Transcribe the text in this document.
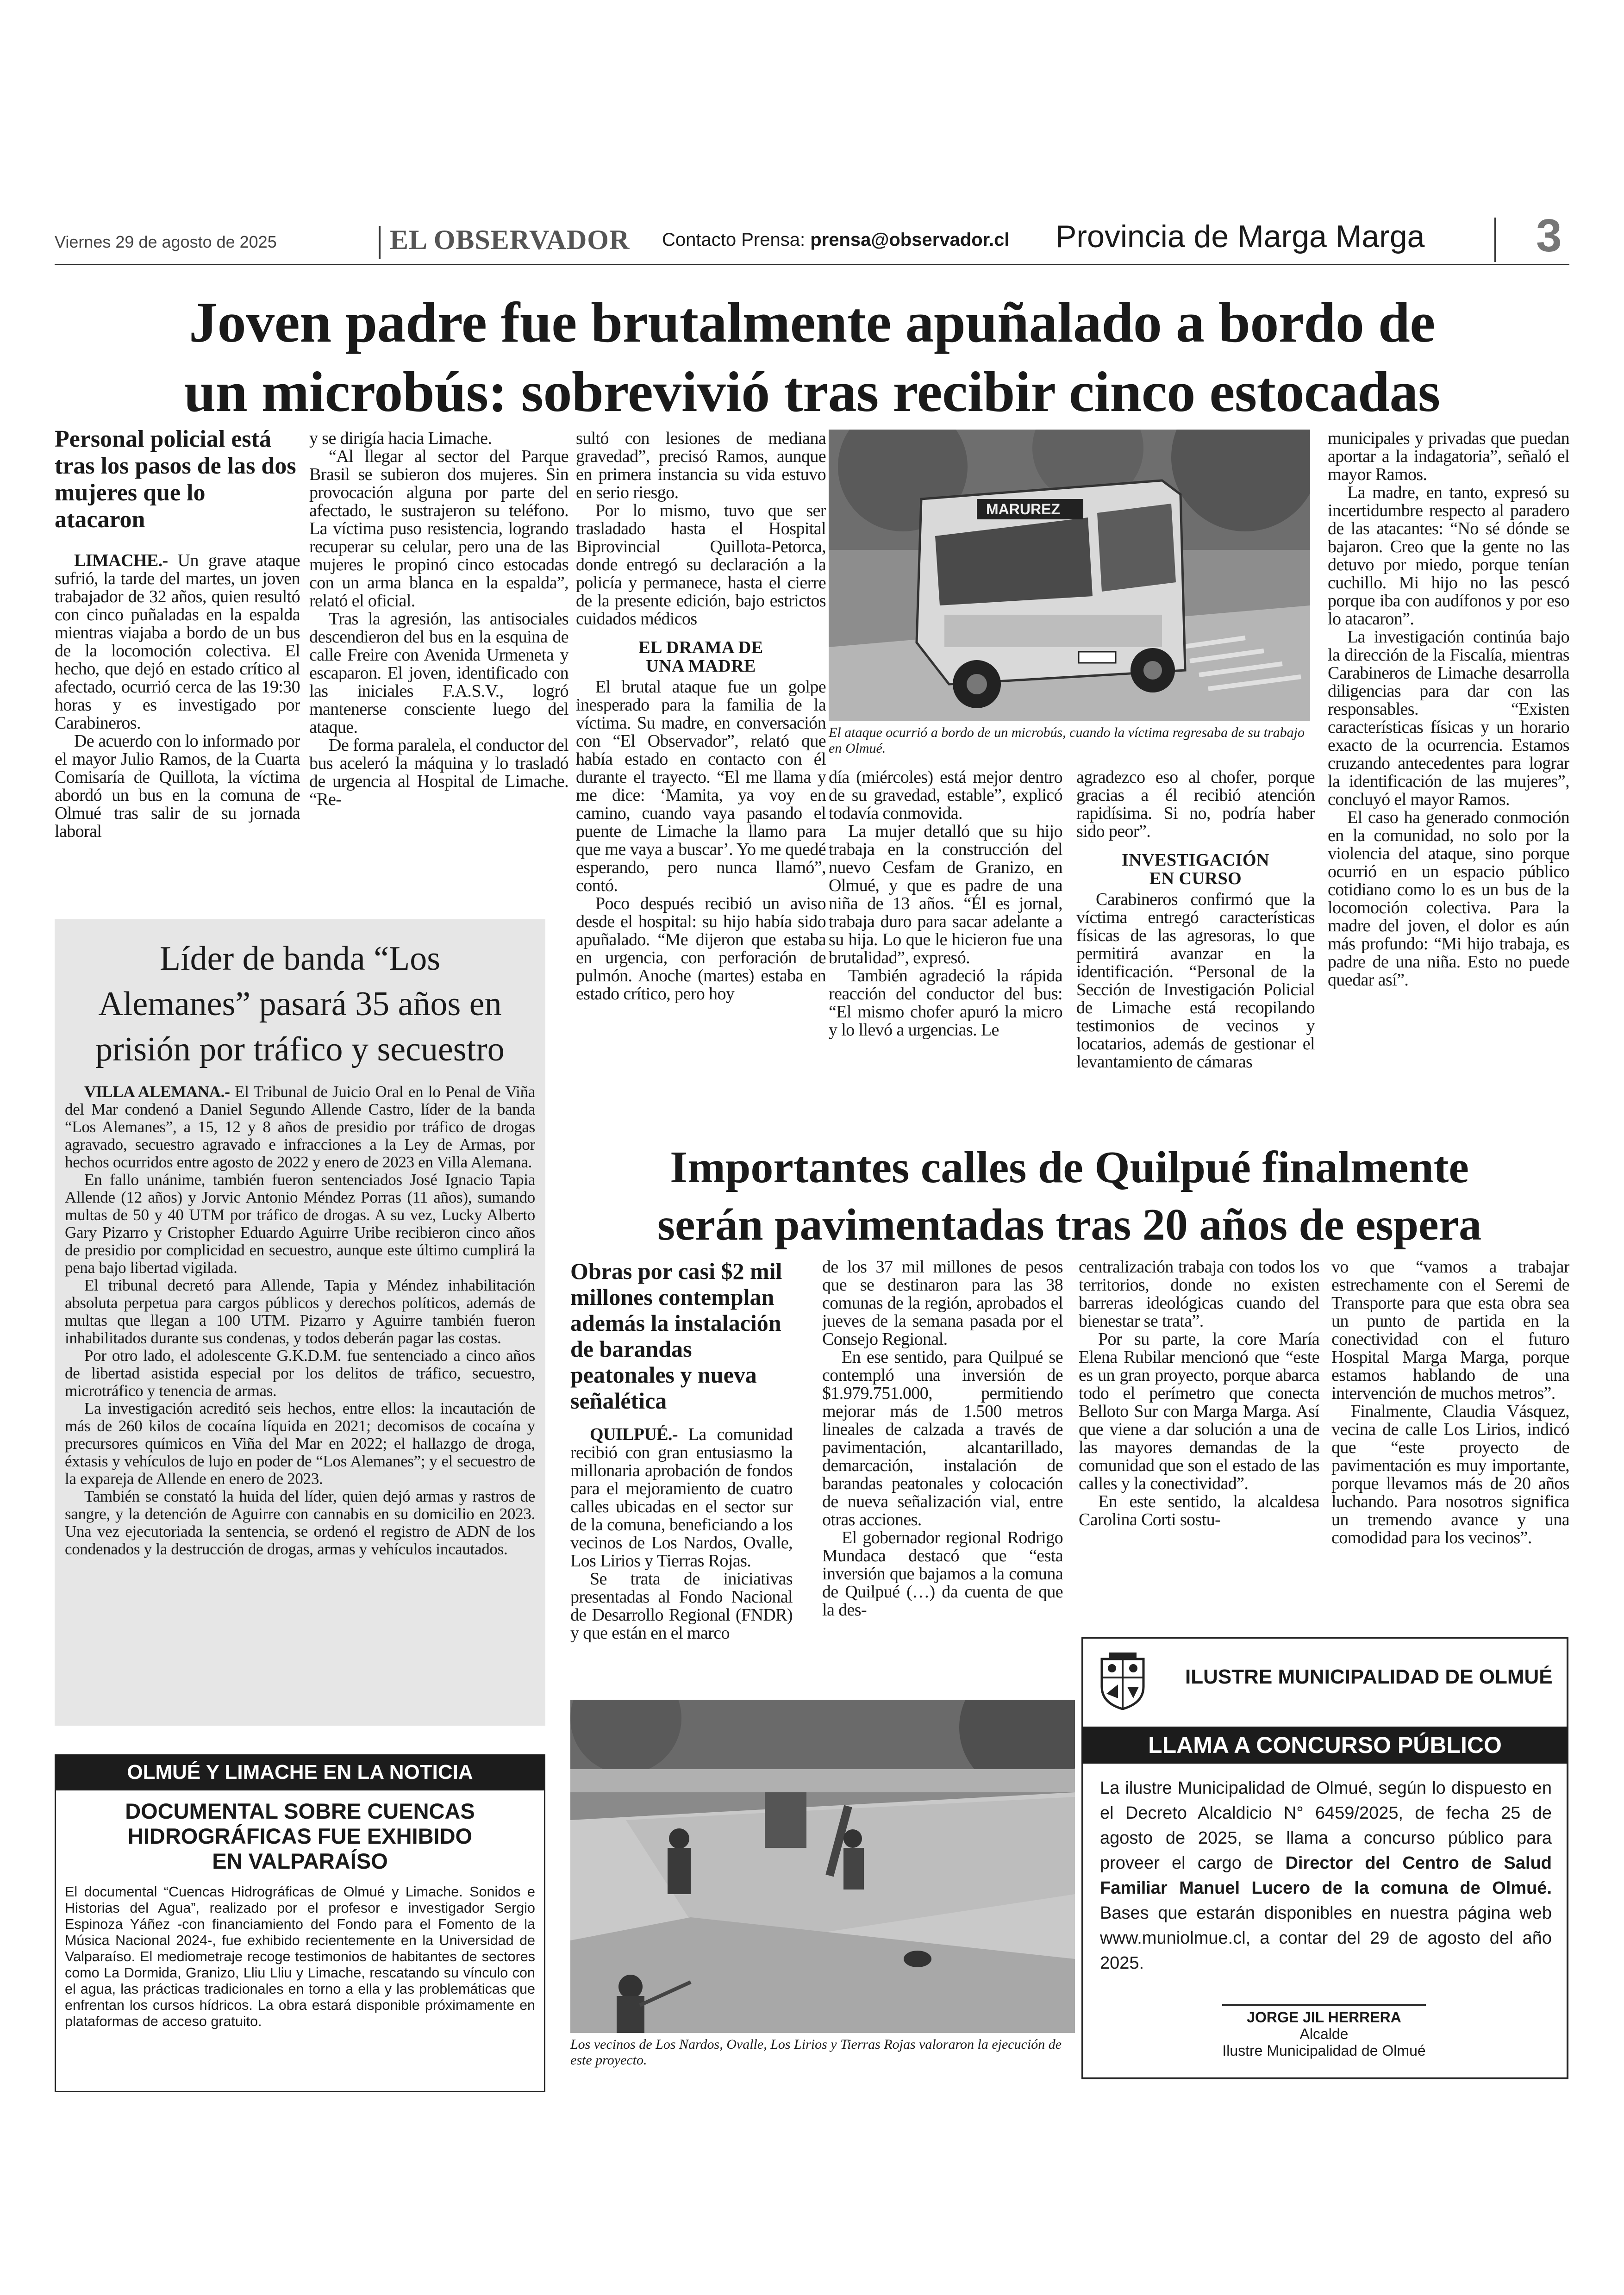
Viernes 29 de agosto de 2025	EL OBSERVADOR Contacto Prensa: prensa@observador.cl Provincia de Marga Marga 3
Joven padre fue brutalmente apuñalado a bordo de
un microbús: sobrevivió tras recibir cinco estocadas
Personal policial está tras los pasos de las dos mujeres que lo atacaron

LIMACHE.- Un grave ataque sufrió, la tarde del martes, un joven trabajador de 32 años, quien resultó con cinco puñaladas en la espalda mientras viajaba a bordo de un bus de la locomoción colectiva. El hecho, que dejó en estado crítico al afectado, ocurrió cerca de las 19:30 horas y es investigado por Carabineros.

De acuerdo con lo informado por el mayor Julio Ramos, de la Cuarta Comisaría de Quillota, la víctima abordó un bus en la comuna de Olmué tras salir de su jornada laboral

y se dirigía hacia Limache.

“Al llegar al sector del Parque Brasil se subieron dos mujeres. Sin provocación alguna por parte del afectado, le sustrajeron su teléfono. La víctima puso resistencia, logrando recuperar su celular, pero una de las mujeres le propinó cinco estocadas con un arma blanca en la espalda”, relató el oficial.

Tras la agresión, las antisociales descendieron del bus en la esquina de calle Freire con Avenida Urmeneta y escaparon. El joven, identificado con las iniciales F.A.S.V., logró mantenerse consciente luego del ataque.

De forma paralela, el conductor del bus aceleró la máquina y lo trasladó de urgencia al Hospital de Limache. “Re-

sultó con lesiones de mediana gravedad”, precisó Ramos, aunque en primera instancia su vida estuvo en serio riesgo.

Por lo mismo, tuvo que ser trasladado hasta el Hospital Biprovincial Quillota-Petorca, donde entregó su declaración a la policía y permanece, hasta el cierre de la presente edición, bajo estrictos cuidados médicos

EL DRAMA DE
UNA MADRE

El brutal ataque fue un golpe inesperado para la familia de la víctima. Su madre, en conversación con “El Observador”, relató que había estado en contacto con él durante el trayecto. “El me llama y me dice: ‘Mamita, ya voy en camino, cuando vaya pasando el puente de Limache la llamo para que me vaya a buscar’. Yo me quedé esperando, pero nunca llamó”, contó.

Poco después recibió un aviso desde el hospital: su hijo había sido apuñalado. “Me dijeron que estaba en urgencia, con perforación de pulmón. Anoche (martes) estaba en estado crítico, pero hoy

MARUREZ
El ataque ocurrió a bordo de un microbús, cuando la víctima regresaba de su trabajo en Olmué.

día (miércoles) está mejor dentro de su gravedad, estable”, explicó todavía conmovida.

La mujer detalló que su hijo trabaja en la construcción del nuevo Cesfam de Granizo, en Olmué, y que es padre de una niña de 13 años. “Él es jornal, trabaja duro para sacar adelante a su hija. Lo que le hicieron fue una brutalidad”, expresó.

También agradeció la rápida reacción del conductor del bus: “El mismo chofer apuró la micro y lo llevó a urgencias. Le

agradezco eso al chofer, porque gracias a él recibió atención rapidísima. Si no, podría haber sido peor”.

INVESTIGACIÓN
EN CURSO

Carabineros confirmó que la víctima entregó características físicas de las agresoras, lo que permitirá avanzar en la identificación. “Personal de la Sección de Investigación Policial de Limache está recopilando testimonios de vecinos y locatarios, además de gestionar el levantamiento de cámaras

municipales y privadas que puedan aportar a la indagatoria”, señaló el mayor Ramos.

La madre, en tanto, expresó su incertidumbre respecto al paradero de las atacantes: “No sé dónde se bajaron. Creo que la gente no las detuvo por miedo, porque tenían cuchillo. Mi hijo no las pescó porque iba con audífonos y por eso lo atacaron”.

La investigación continúa bajo la dirección de la Fiscalía, mientras Carabineros de Limache desarrolla diligencias para dar con las responsables. “Existen características físicas y un horario exacto de la ocurrencia. Estamos cruzando antecedentes para lograr la identificación de las mujeres”, concluyó el mayor Ramos.

El caso ha generado conmoción en la comunidad, no solo por la violencia del ataque, sino porque ocurrió en un espacio público cotidiano como lo es un bus de la locomoción colectiva. Para la madre del joven, el dolor es aún más profundo: “Mi hijo trabaja, es padre de una niña. Esto no puede quedar así”.

Líder de banda “Los
Alemanes” pasará 35 años en
prisión por tráfico y secuestro

VILLA ALEMANA.- El Tribunal de Juicio Oral en lo Penal de Viña del Mar condenó a Daniel Segundo Allende Castro, líder de la banda “Los Alemanes”, a 15, 12 y 8 años de presidio por tráfico de drogas agravado, secuestro agravado e infracciones a la Ley de Armas, por hechos ocurridos entre agosto de 2022 y enero de 2023 en Villa Alemana.

En fallo unánime, también fueron sentenciados José Ignacio Tapia Allende (12 años) y Jorvic Antonio Méndez Porras (11 años), sumando multas de 50 y 40 UTM por tráfico de drogas. A su vez, Lucky Alberto Gary Pizarro y Cristopher Eduardo Aguirre Uribe recibieron cinco años de presidio por complicidad en secuestro, aunque este último cumplirá la pena bajo libertad vigilada.

El tribunal decretó para Allende, Tapia y Méndez inhabilitación absoluta perpetua para cargos públicos y derechos políticos, además de multas que llegan a 100 UTM. Pizarro y Aguirre también fueron inhabilitados durante sus condenas, y todos deberán pagar las costas.

Por otro lado, el adolescente G.K.D.M. fue sentenciado a cinco años de libertad asistida especial por los delitos de tráfico, secuestro, microtráfico y tenencia de armas.

La investigación acreditó seis hechos, entre ellos: la incautación de más de 260 kilos de cocaína líquida en 2021; decomisos de cocaína y precursores químicos en Viña del Mar en 2022; el hallazgo de droga, éxtasis y vehículos de lujo en poder de “Los Alemanes”; y el secuestro de la expareja de Allende en enero de 2023.

También se constató la huida del líder, quien dejó armas y rastros de sangre, y la detención de Aguirre con cannabis en su domicilio en 2023. Una vez ejecutoriada la sentencia, se ordenó el registro de ADN de los condenados y la destrucción de drogas, armas y vehículos incautados.

OLMUÉ Y LIMACHE EN LA NOTICIA
DOCUMENTAL SOBRE CUENCAS
HIDROGRÁFICAS FUE EXHIBIDO
EN VALPARAÍSO
El documental “Cuencas Hidrográficas de Olmué y Limache. Sonidos e Historias del Agua”, realizado por el profesor e investigador Sergio Espinoza Yáñez -con financiamiento del Fondo para el Fomento de la Música Nacional 2024-, fue exhibido recientemente en la Universidad de Valparaíso. El mediometraje recoge testimonios de habitantes de sectores como La Dormida, Granizo, Lliu Lliu y Limache, rescatando su vínculo con el agua, las prácticas tradicionales en torno a ella y las problemáticas que enfrentan los cursos hídricos. La obra estará disponible próximamente en plataformas de acceso gratuito.
Importantes calles de Quilpué finalmente
serán pavimentadas tras 20 años de espera
Obras por casi $2 mil millones contemplan además la instalación de barandas peatonales y nueva señalética

QUILPUÉ.- La comunidad recibió con gran entusiasmo la millonaria aprobación de fondos para el mejoramiento de cuatro calles ubicadas en el sector sur de la comuna, beneficiando a los vecinos de Los Nardos, Ovalle, Los Lirios y Tierras Rojas.

Se trata de iniciativas presentadas al Fondo Nacional de Desarrollo Regional (FNDR) y que están en el marco

de los 37 mil millones de pesos que se destinaron para las 38 comunas de la región, aprobados el jueves de la semana pasada por el Consejo Regional.

En ese sentido, para Quilpué se contempló una inversión de $1.979.751.000, permitiendo mejorar más de 1.500 metros lineales de calzada a través de pavimentación, alcantarillado, demarcación, instalación de barandas peatonales y colocación de nueva señalización vial, entre otras acciones.

El gobernador regional Rodrigo Mundaca destacó que “esta inversión que bajamos a la comuna de Quilpué (…) da cuenta de que la des-

centralización trabaja con todos los territorios, donde no existen barreras ideológicas cuando del bienestar se trata”.

Por su parte, la core María Elena Rubilar mencionó que “este es un gran proyecto, porque abarca todo el perímetro que conecta Belloto Sur con Marga Marga. Así que viene a dar solución a una de las mayores demandas de la comunidad que son el estado de las calles y la conectividad”.

En este sentido, la alcaldesa Carolina Corti sostu-

vo que “vamos a trabajar estrechamente con el Seremi de Transporte para que esta obra sea un punto de partida en la conectividad con el futuro Hospital Marga Marga, porque estamos hablando de una intervención de muchos metros”.

Finalmente, Claudia Vásquez, vecina de calle Los Lirios, indicó que “este proyecto de pavimentación es muy importante, porque llevamos más de 20 años luchando. Para nosotros significa un tremendo avance y una comodidad para los vecinos”.

Los vecinos de Los Nardos, Ovalle, Los Lirios y Tierras Rojas valoraron la ejecución de este proyecto.
ILUSTRE MUNICIPALIDAD DE OLMUÉ
LLAMA A CONCURSO PÚBLICO
La ilustre Municipalidad de Olmué, según lo dispuesto en el Decreto Alcaldicio N° 6459/2025, de fecha 25 de agosto de 2025, se llama a concurso público para proveer el cargo de Director del Centro de Salud Familiar Manuel Lucero de la comuna de Olmué. Bases que estarán disponibles en nuestra página web www.muniolmue.cl, a contar del 29 de agosto del año 2025.
JORGE JIL HERRERA
Alcalde
Ilustre Municipalidad de Olmué
